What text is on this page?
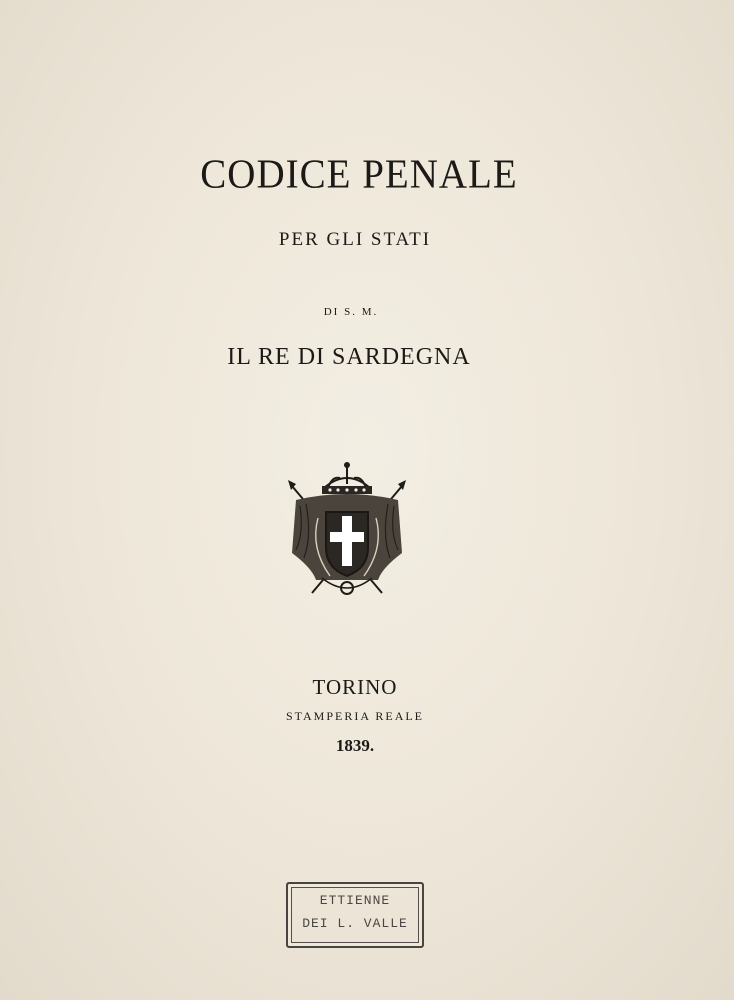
CODICE PENALE
PER GLI STATI
DI S. M.
IL RE DI SARDEGNA
TORINO
STAMPERIA REALE
1839.
ETTIENNE
DEI L. VALLE
